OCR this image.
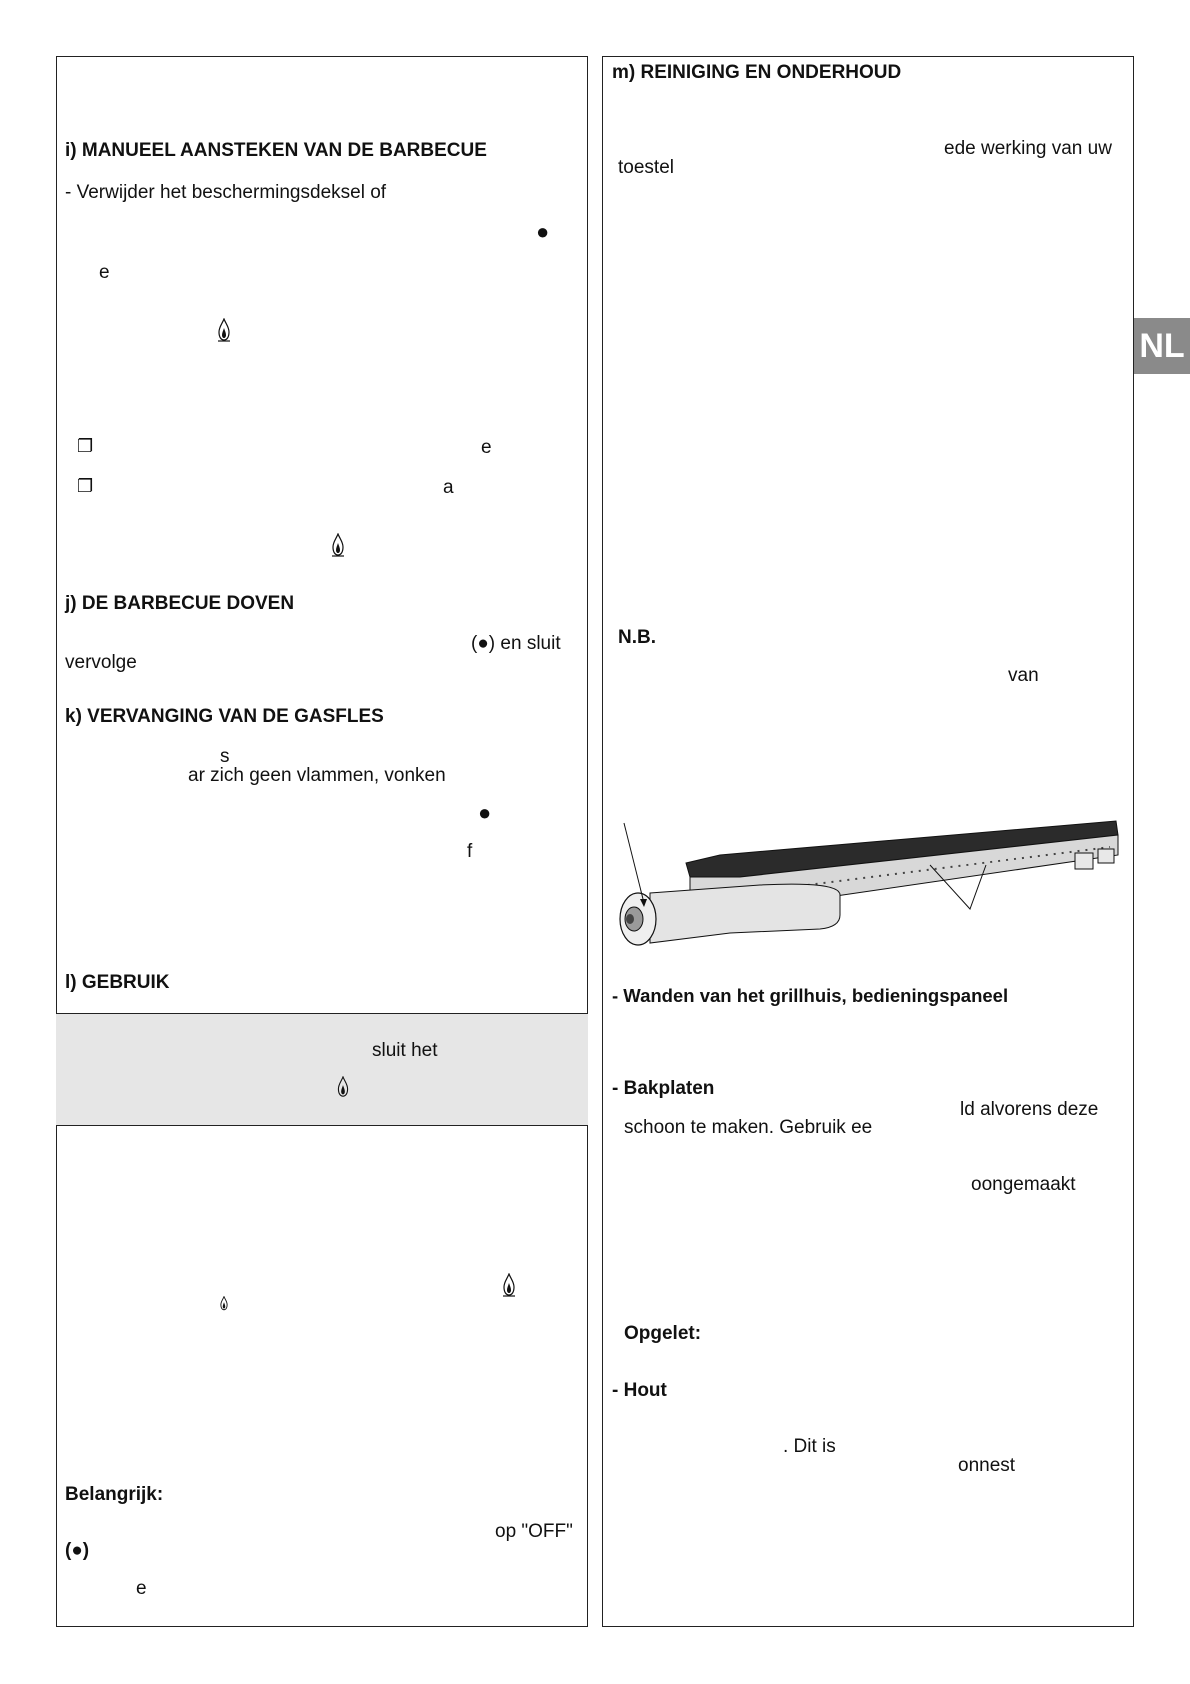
NL
i) MANUEEL AANSTEKEN VAN DE BARBECUE
- Verwijder het beschermingsdeksel of
●
e
❐	e
❐	a
j) DE BARBECUE DOVEN
(●) en sluit
vervolge
k) VERVANGING VAN DE GASFLES
s
ar zich geen vlammen, vonken
●
f
l) GEBRUIK
sluit het
Belangrijk:
op "OFF"
(●)
e
m) REINIGING EN ONDERHOUD
ede werking van uw
toestel
N.B.
van
- Wanden van het grillhuis, bedieningspaneel
- Bakplaten
ld alvorens deze
schoon te maken. Gebruik ee
oongemaakt
Opgelet:
- Hout
. Dit is
onnest
